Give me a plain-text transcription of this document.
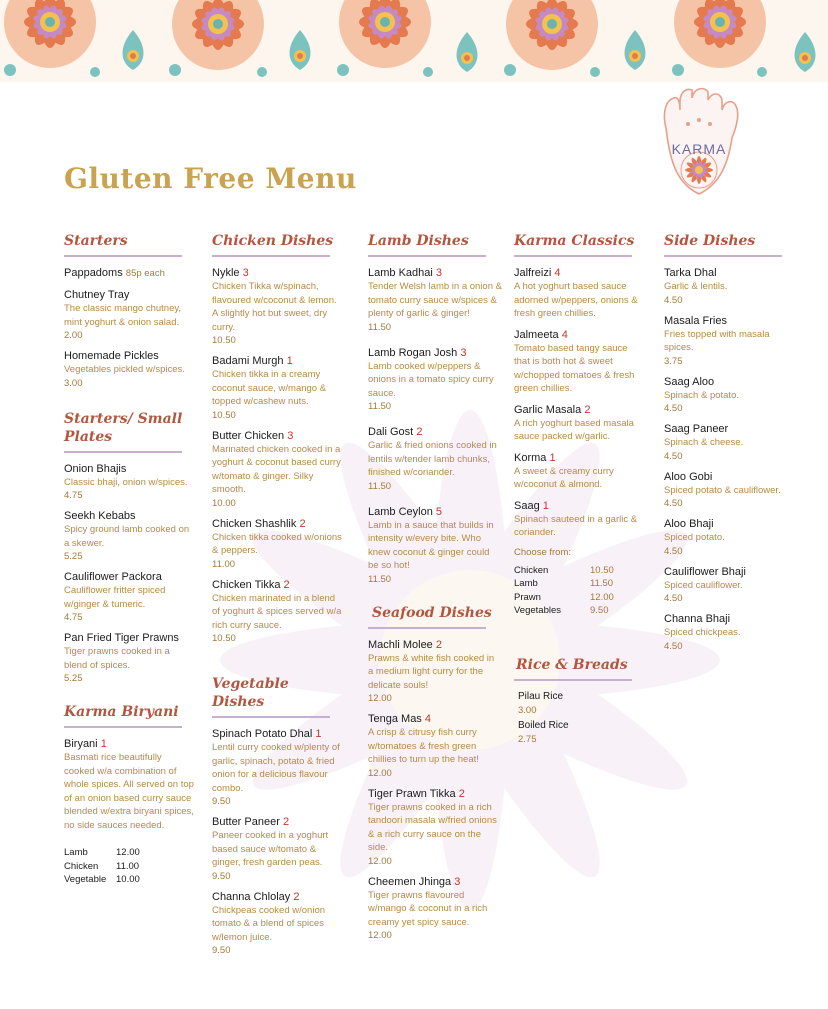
KARMA
Gluten Free Menu
Starters
Pappadoms 85p each
Chutney Tray
The classic mango chutney, mint yoghurt & onion salad.
2.00
Homemade Pickles
Vegetables pickled w/spices.
3.00
Starters/ Small Plates
Onion Bhajis
Classic bhaji, onion w/spices.
4.75
Seekh Kebabs
Spicy ground lamb cooked on a skewer.
5.25
Cauliflower Packora
Cauliflower fritter spiced w/ginger & tumeric.
4.75
Pan Fried Tiger Prawns
Tiger prawns cooked in a blend of spices.
5.25
Karma Biryani
Biryani 1
Basmati rice beautifully cooked w/a combination of whole spices. All served on top of an onion based curry sauce blended w/extra biryani spices, no side sauces needed.
Lamb	12.00
Chicken	11.00
Vegetable	10.00
Chicken Dishes
Nykle 3
Chicken Tikka w/spinach, flavoured w/coconut & lemon. A slightly hot but sweet, dry curry.
10.50
Badami Murgh 1
Chicken tikka in a creamy coconut sauce, w/mango & topped w/cashew nuts.
10.50
Butter Chicken 3
Marinated chicken cooked in a yoghurt & coconut based curry w/tomato & ginger. Silky smooth.
10.00
Chicken Shashlik 2
Chicken tikka cooked w/onions & peppers.
11.00
Chicken Tikka 2
Chicken marinated in a blend of yoghurt & spices served w/a rich curry sauce.
10.50
Vegetable Dishes
Spinach Potato Dhal 1
Lentil curry cooked w/plenty of garlic, spinach, potato & fried onion for a delicious flavour combo.
9.50
Butter Paneer 2
Paneer cooked in a yoghurt based sauce w/tomato & ginger, fresh garden peas.
9.50
Channa Chlolay 2
Chickpeas cooked w/onion tomato & a blend of spices w/lemon juice.
9.50
Lamb Dishes
Lamb Kadhai 3
Tender Welsh lamb in a onion & tomato curry sauce w/spices & plenty of garlic & ginger!
11.50
Lamb Rogan Josh 3
Lamb cooked w/peppers & onions in a tomato spicy curry sauce.
11.50
Dali Gost 2
Garlic & fried onions cooked in lentils w/tender lamb chunks, finished w/coriander.
11.50
Lamb Ceylon 5
Lamb in a sauce that builds in intensity w/every bite. Who knew coconut & ginger could be so hot!
11.50
Seafood Dishes
Machli Molee 2
Prawns & white fish cooked in a medium light curry for the delicate souls!
12.00
Tenga Mas 4
A crisp & citrusy fish curry w/tomatoes & fresh green chillies to turn up the heat!
12.00
Tiger Prawn Tikka 2
Tiger prawns cooked in a rich tandoori masala w/fried onions & a rich curry sauce on the side.
12.00
Cheemen Jhinga 3
Tiger prawns flavoured w/mango & coconut in a rich creamy yet spicy sauce.
12.00
Karma Classics
Jalfreizi 4
A hot yoghurt based sauce adorned w/peppers, onions & fresh green chillies.
Jalmeeta 4
Tomato based tangy sauce that is both hot & sweet w/chopped tomatoes & fresh green chillies.
Garlic Masala 2
A rich yoghurt based masala sauce packed w/garlic.
Korma 1
A sweet & creamy curry w/coconut & almond.
Saag 1
Spinach sauteed in a garlic & coriander.
Choose from:
Chicken	10.50
Lamb	11.50
Prawn	12.00
Vegetables	9.50
Rice & Breads
Pilau Rice
3.00
Boiled Rice
2.75
Side Dishes
Tarka Dhal
Garlic & lentils.
4.50
Masala Fries
Fries topped with masala spices.
3.75
Saag Aloo
Spinach & potato.
4.50
Saag Paneer
Spinach & cheese.
4.50
Aloo Gobi
Spiced potato & cauliflower.
4.50
Aloo Bhaji
Spiced potato.
4.50
Cauliflower Bhaji
Spiced cauliflower.
4.50
Channa Bhaji
Spiced chickpeas.
4.50
